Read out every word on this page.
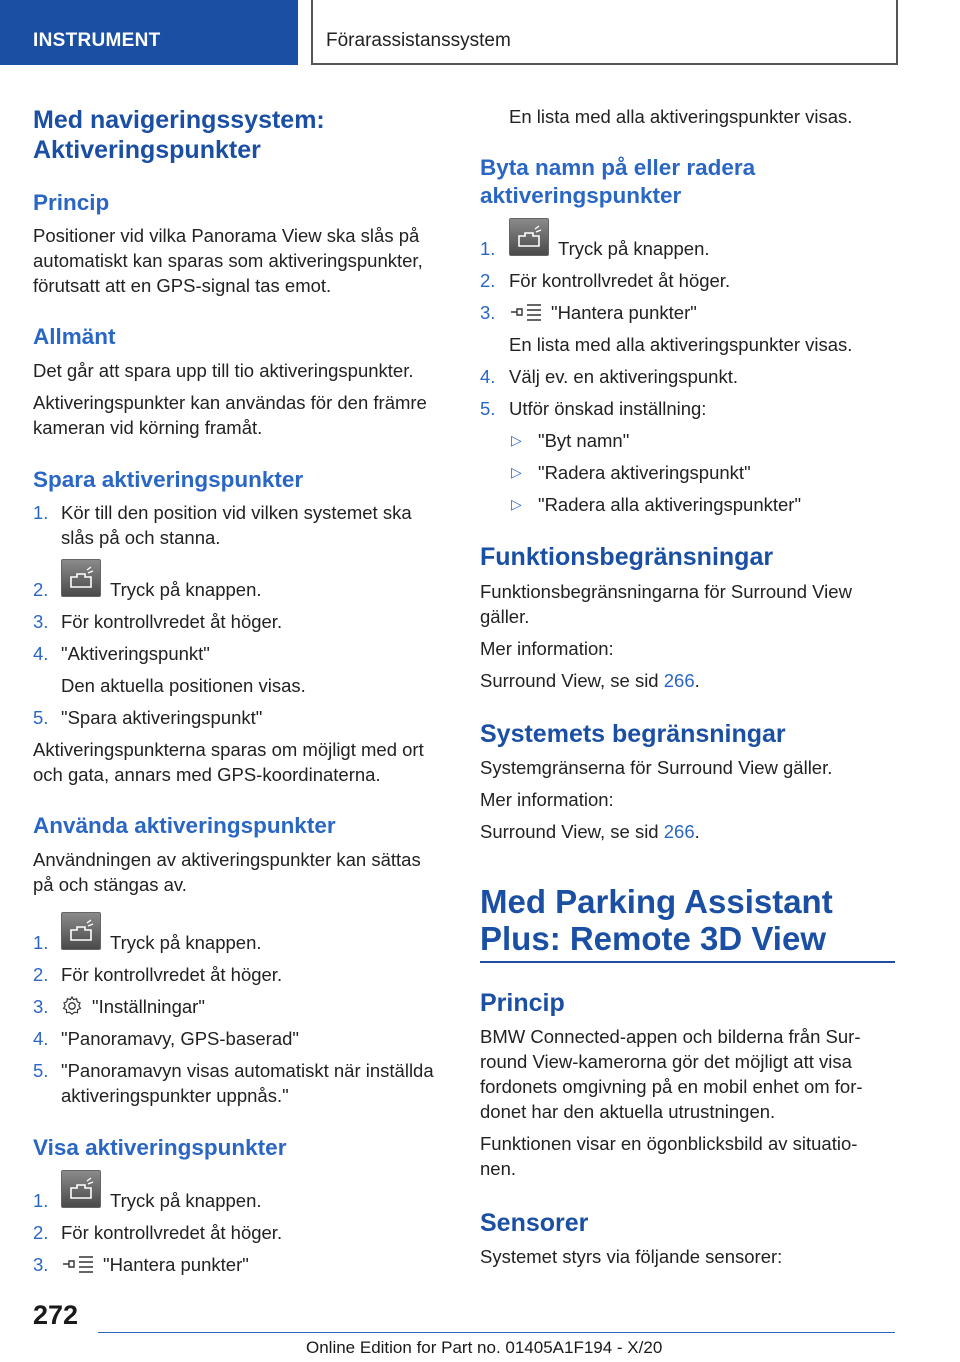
INSTRUMENT	Förarassistanssystem
Med navigeringssystem:
Aktiveringspunkter
Princip
Positioner vid vilka Panorama View ska slås på
automatiskt kan sparas som aktiveringspunkter,
förutsatt att en GPS-signal tas emot.
Allmänt
Det går att spara upp till tio aktiveringspunkter.
Aktiveringspunkter kan användas för den främre
kameran vid körning framåt.
Spara aktiveringspunkter
1. Kör till den position vid vilken systemet ska
slås på och stanna.
2.	Tryck på knappen.
3. För kontrollvredet åt höger.
4. "Aktiveringspunkt"
Den aktuella positionen visas.
5. "Spara aktiveringspunkt"
Aktiveringspunkterna sparas om möjligt med ort
och gata, annars med GPS-koordinaterna.
Använda aktiveringspunkter
Användningen av aktiveringspunkter kan sättas
på och stängas av.
1.	Tryck på knappen.
2. För kontrollvredet åt höger.
3. "Inställningar"
4. "Panoramavy, GPS-baserad"
5. "Panoramavyn visas automatiskt när inställda
aktiveringspunkter uppnås."
Visa aktiveringspunkter
1.	Tryck på knappen.
2. För kontrollvredet åt höger.
3.	"Hantera punkter"
En lista med alla aktiveringspunkter visas.
Byta namn på eller radera
aktiveringspunkter
1.	Tryck på knappen.
2. För kontrollvredet åt höger.
3.	"Hantera punkter"
En lista med alla aktiveringspunkter visas.
4. Välj ev. en aktiveringspunkt.
5. Utför önskad inställning:
▷ "Byt namn"
▷ "Radera aktiveringspunkt"
▷ "Radera alla aktiveringspunkter"
Funktionsbegränsningar
Funktionsbegränsningarna för Surround View
gäller.
Mer information:
Surround View, se sid 266.
Systemets begränsningar
Systemgränserna för Surround View gäller.
Mer information:
Surround View, se sid 266.
Med Parking Assistant
Plus: Remote 3D View
Princip
BMW Connected-appen och bilderna från Sur-
round View-kamerorna gör det möjligt att visa
fordonets omgivning på en mobil enhet om for-
donet har den aktuella utrustningen.
Funktionen visar en ögonblicksbild av situatio-
nen.
Sensorer
Systemet styrs via följande sensorer:
272
Online Edition for Part no. 01405A1F194 - X/20
